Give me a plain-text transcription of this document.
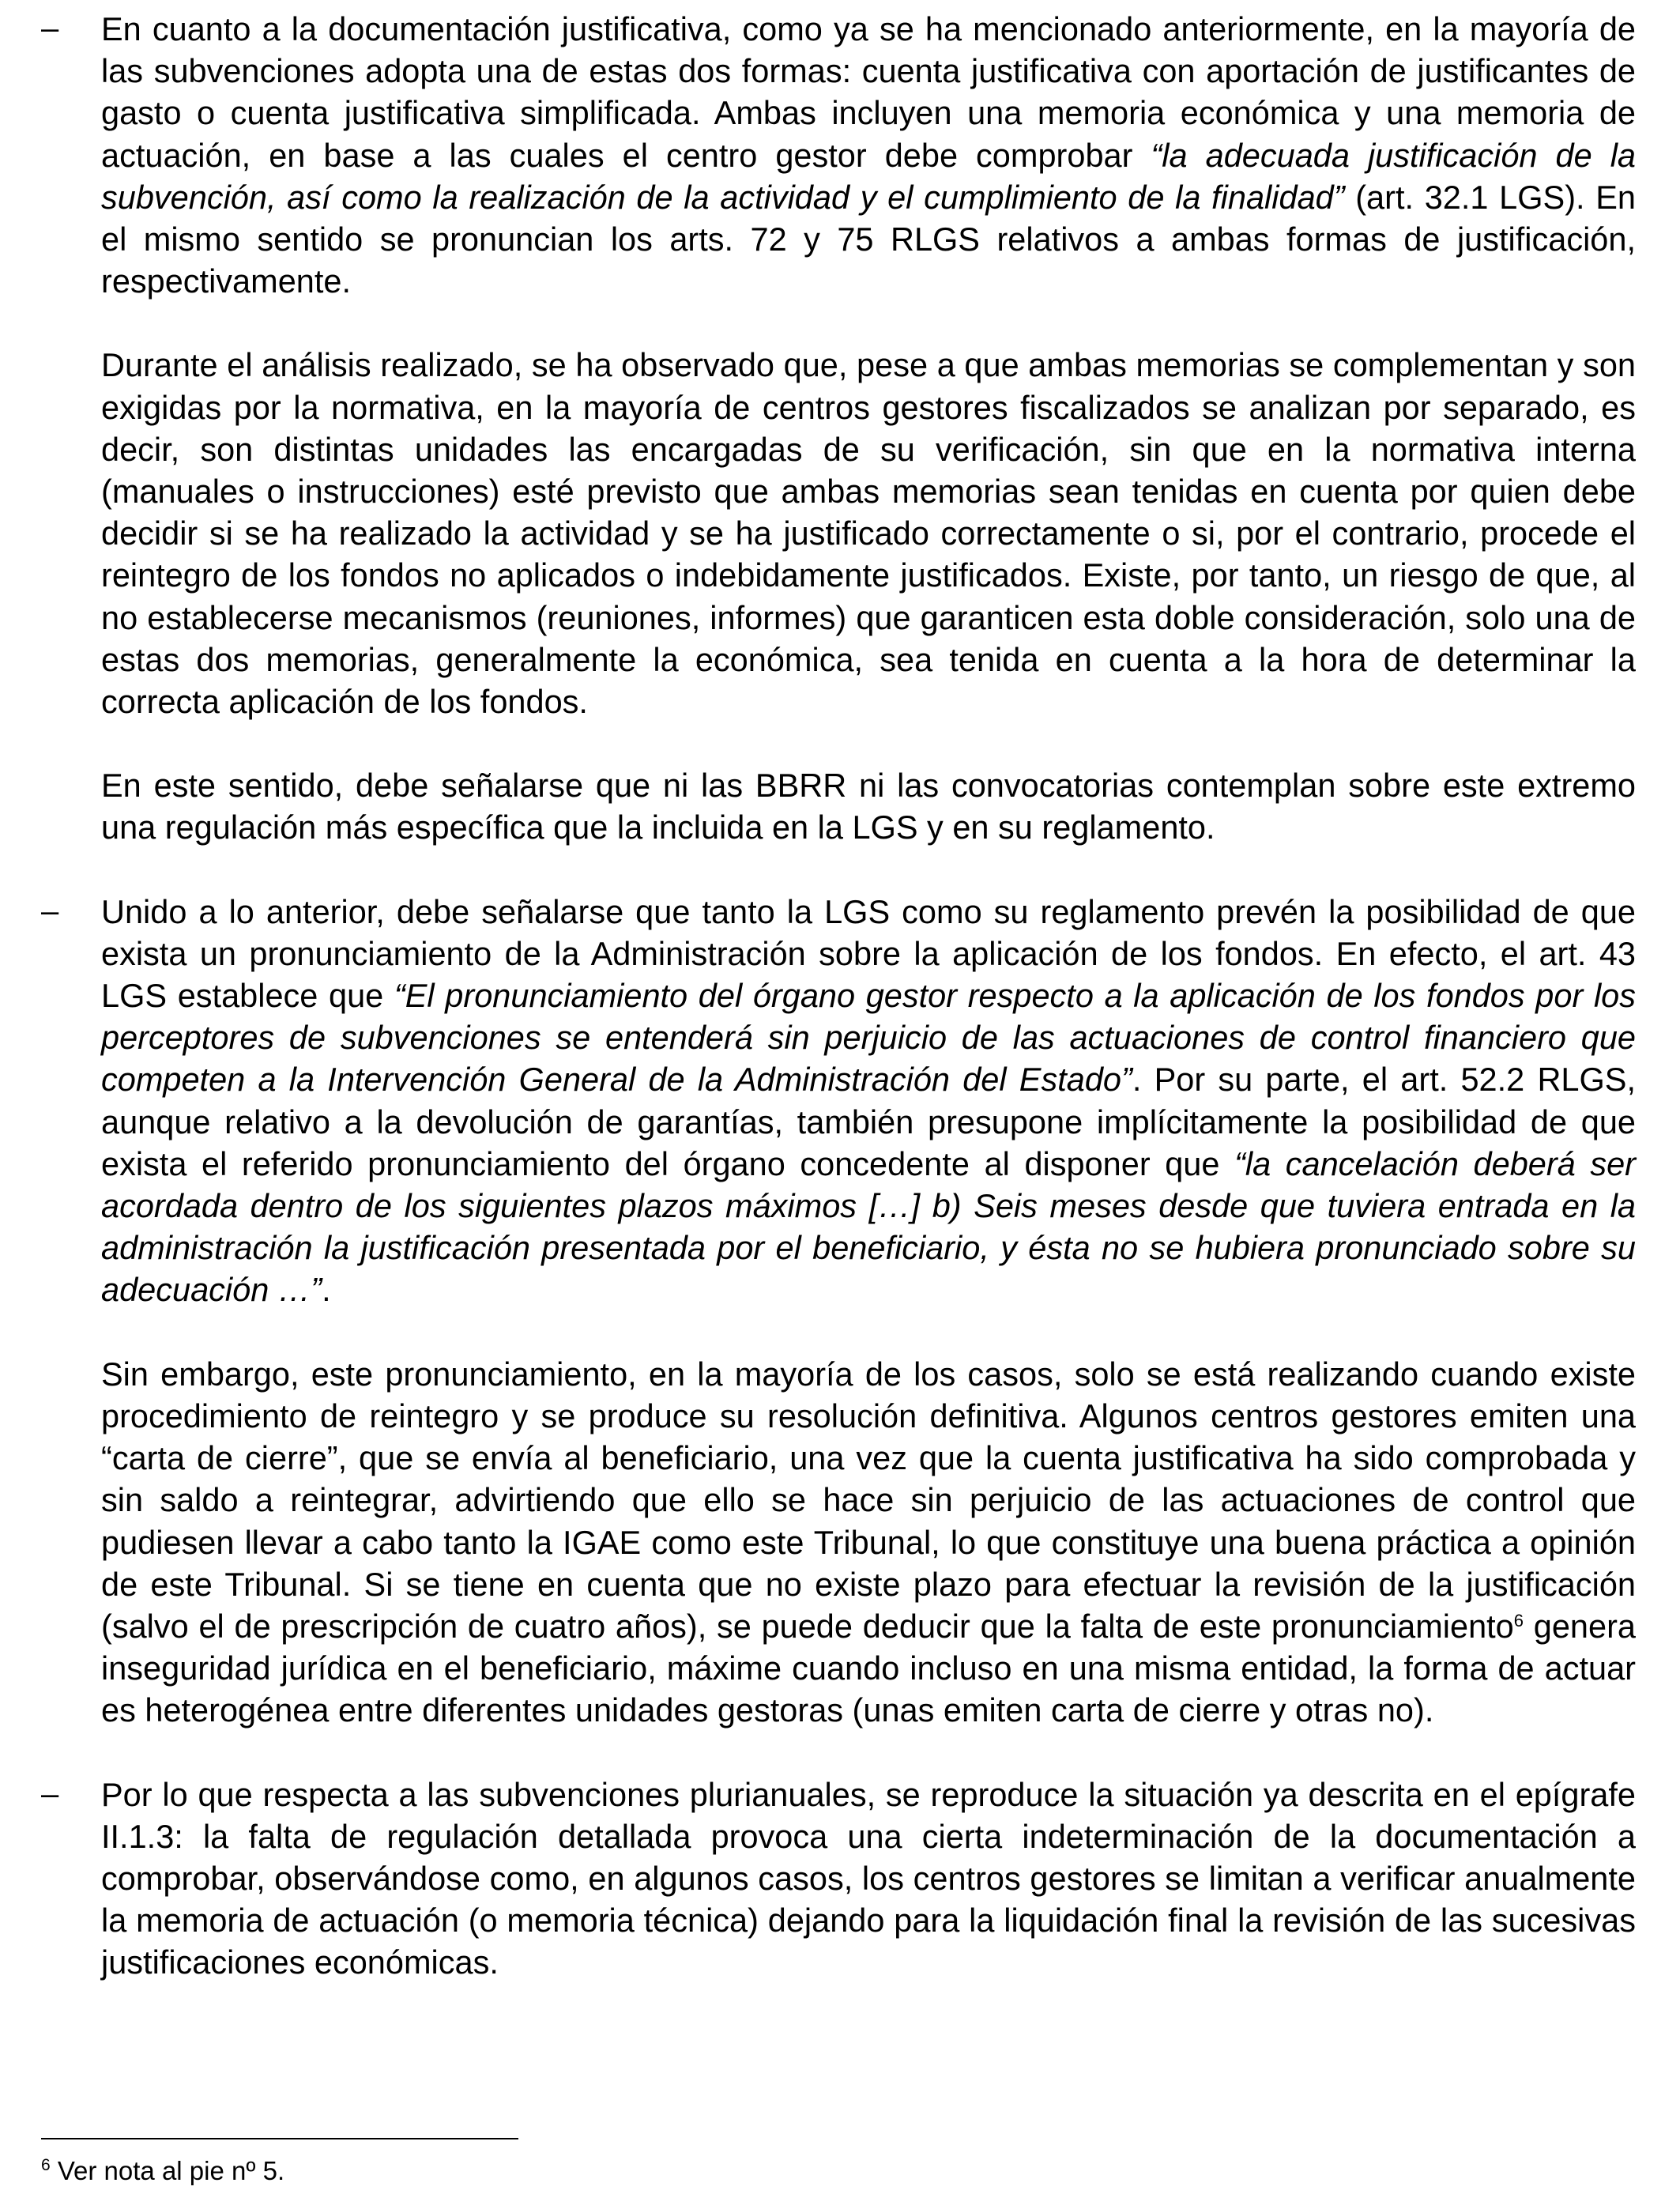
– En cuanto a la documentación justificativa, como ya se ha mencionado anteriormente, en la mayoría de las subvenciones adopta una de estas dos formas: cuenta justificativa con aportación de justificantes de gasto o cuenta justificativa simplificada. Ambas incluyen una memoria económica y una memoria de actuación, en base a las cuales el centro gestor debe comprobar “la adecuada justificación de la subvención, así como la realización de la actividad y el cumplimiento de la finalidad” (art. 32.1 LGS). En el mismo sentido se pronuncian los arts. 72 y 75 RLGS relativos a ambas formas de justificación, respectivamente.

Durante el análisis realizado, se ha observado que, pese a que ambas memorias se complementan y son exigidas por la normativa, en la mayoría de centros gestores fiscalizados se analizan por separado, es decir, son distintas unidades las encargadas de su verificación, sin que en la normativa interna (manuales o instrucciones) esté previsto que ambas memorias sean tenidas en cuenta por quien debe decidir si se ha realizado la actividad y se ha justificado correctamente o si, por el contrario, procede el reintegro de los fondos no aplicados o indebidamente justificados. Existe, por tanto, un riesgo de que, al no establecerse mecanismos (reuniones, informes) que garanticen esta doble consideración, solo una de estas dos memorias, generalmente la económica, sea tenida en cuenta a la hora de determinar la correcta aplicación de los fondos.

En este sentido, debe señalarse que ni las BBRR ni las convocatorias contemplan sobre este extremo una regulación más específica que la incluida en la LGS y en su reglamento.

– Unido a lo anterior, debe señalarse que tanto la LGS como su reglamento prevén la posibilidad de que exista un pronunciamiento de la Administración sobre la aplicación de los fondos. En efecto, el art. 43 LGS establece que “El pronunciamiento del órgano gestor respecto a la aplicación de los fondos por los perceptores de subvenciones se entenderá sin perjuicio de las actuaciones de control financiero que competen a la Intervención General de la Administración del Estado”. Por su parte, el art. 52.2 RLGS, aunque relativo a la devolución de garantías, también presupone implícitamente la posibilidad de que exista el referido pronunciamiento del órgano concedente al disponer que “la cancelación deberá ser acordada dentro de los siguientes plazos máximos […] b) Seis meses desde que tuviera entrada en la administración la justificación presentada por el beneficiario, y ésta no se hubiera pronunciado sobre su adecuación …”.

Sin embargo, este pronunciamiento, en la mayoría de los casos, solo se está realizando cuando existe procedimiento de reintegro y se produce su resolución definitiva. Algunos centros gestores emiten una “carta de cierre”, que se envía al beneficiario, una vez que la cuenta justificativa ha sido comprobada y sin saldo a reintegrar, advirtiendo que ello se hace sin perjuicio de las actuaciones de control que pudiesen llevar a cabo tanto la IGAE como este Tribunal, lo que constituye una buena práctica a opinión de este Tribunal. Si se tiene en cuenta que no existe plazo para efectuar la revisión de la justificación (salvo el de prescripción de cuatro años), se puede deducir que la falta de este pronunciamiento$^6$ genera inseguridad jurídica en el beneficiario, máxime cuando incluso en una misma entidad, la forma de actuar es heterogénea entre diferentes unidades gestoras (unas emiten carta de cierre y otras no).

– Por lo que respecta a las subvenciones plurianuales, se reproduce la situación ya descrita en el epígrafe II.1.3: la falta de regulación detallada provoca una cierta indeterminación de la documentación a comprobar, observándose como, en algunos casos, los centros gestores se limitan a verificar anualmente la memoria de actuación (o memoria técnica) dejando para la liquidación final la revisión de las sucesivas justificaciones económicas.

$^6$ Ver nota al pie nº 5.
